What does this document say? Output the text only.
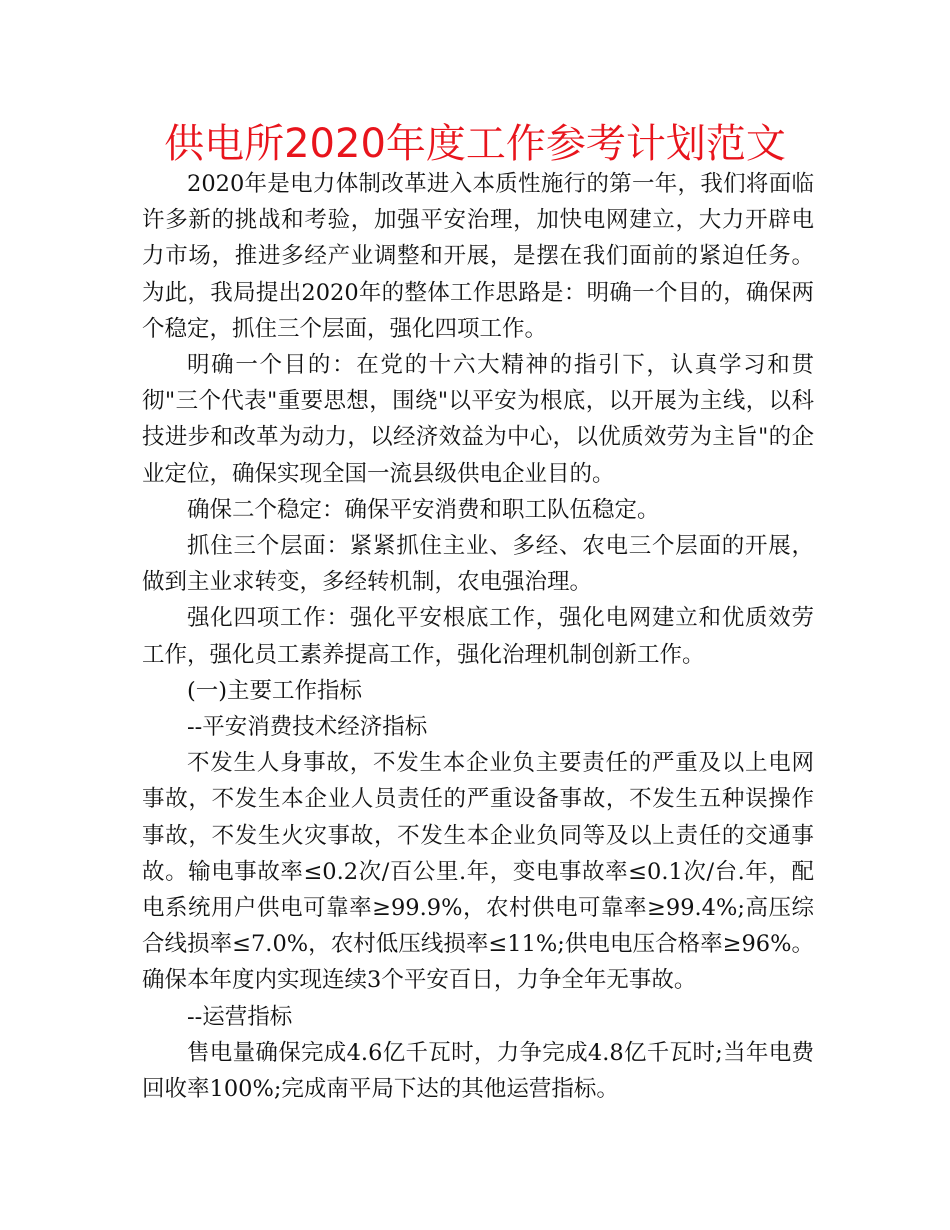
供电所2020年度工作参考计划范文

2020年是电力体制改革进入本质性施行的第一年，我们将面临许多新的挑战和考验，加强平安治理，加快电网建立，大力开辟电力市场，推进多经产业调整和开展，是摆在我们面前的紧迫任务。为此，我局提出2020年的整体工作思路是：明确一个目的，确保两个稳定，抓住三个层面，强化四项工作。

明确一个目的：在党的十六大精神的指引下，认真学习和贯彻"三个代表"重要思想，围绕"以平安为根底，以开展为主线，以科技进步和改革为动力，以经济效益为中心，以优质效劳为主旨"的企业定位，确保实现全国一流县级供电企业目的。

确保二个稳定：确保平安消费和职工队伍稳定。

抓住三个层面：紧紧抓住主业、多经、农电三个层面的开展，做到主业求转变，多经转机制，农电强治理。

强化四项工作：强化平安根底工作，强化电网建立和优质效劳工作，强化员工素养提高工作，强化治理机制创新工作。

(一)主要工作指标

--平安消费技术经济指标

不发生人身事故，不发生本企业负主要责任的严重及以上电网事故，不发生本企业人员责任的严重设备事故，不发生五种误操作事故，不发生火灾事故，不发生本企业负同等及以上责任的交通事故。输电事故率≤0.2次/百公里.年，变电事故率≤0.1次/台.年，配电系统用户供电可靠率≥99.9%，农村供电可靠率≥99.4%;高压综合线损率≤7.0%，农村低压线损率≤11%;供电电压合格率≥96%。确保本年度内实现连续3个平安百日，力争全年无事故。

--运营指标

售电量确保完成4.6亿千瓦时，力争完成4.8亿千瓦时;当年电费回收率100%;完成南平局下达的其他运营指标。
